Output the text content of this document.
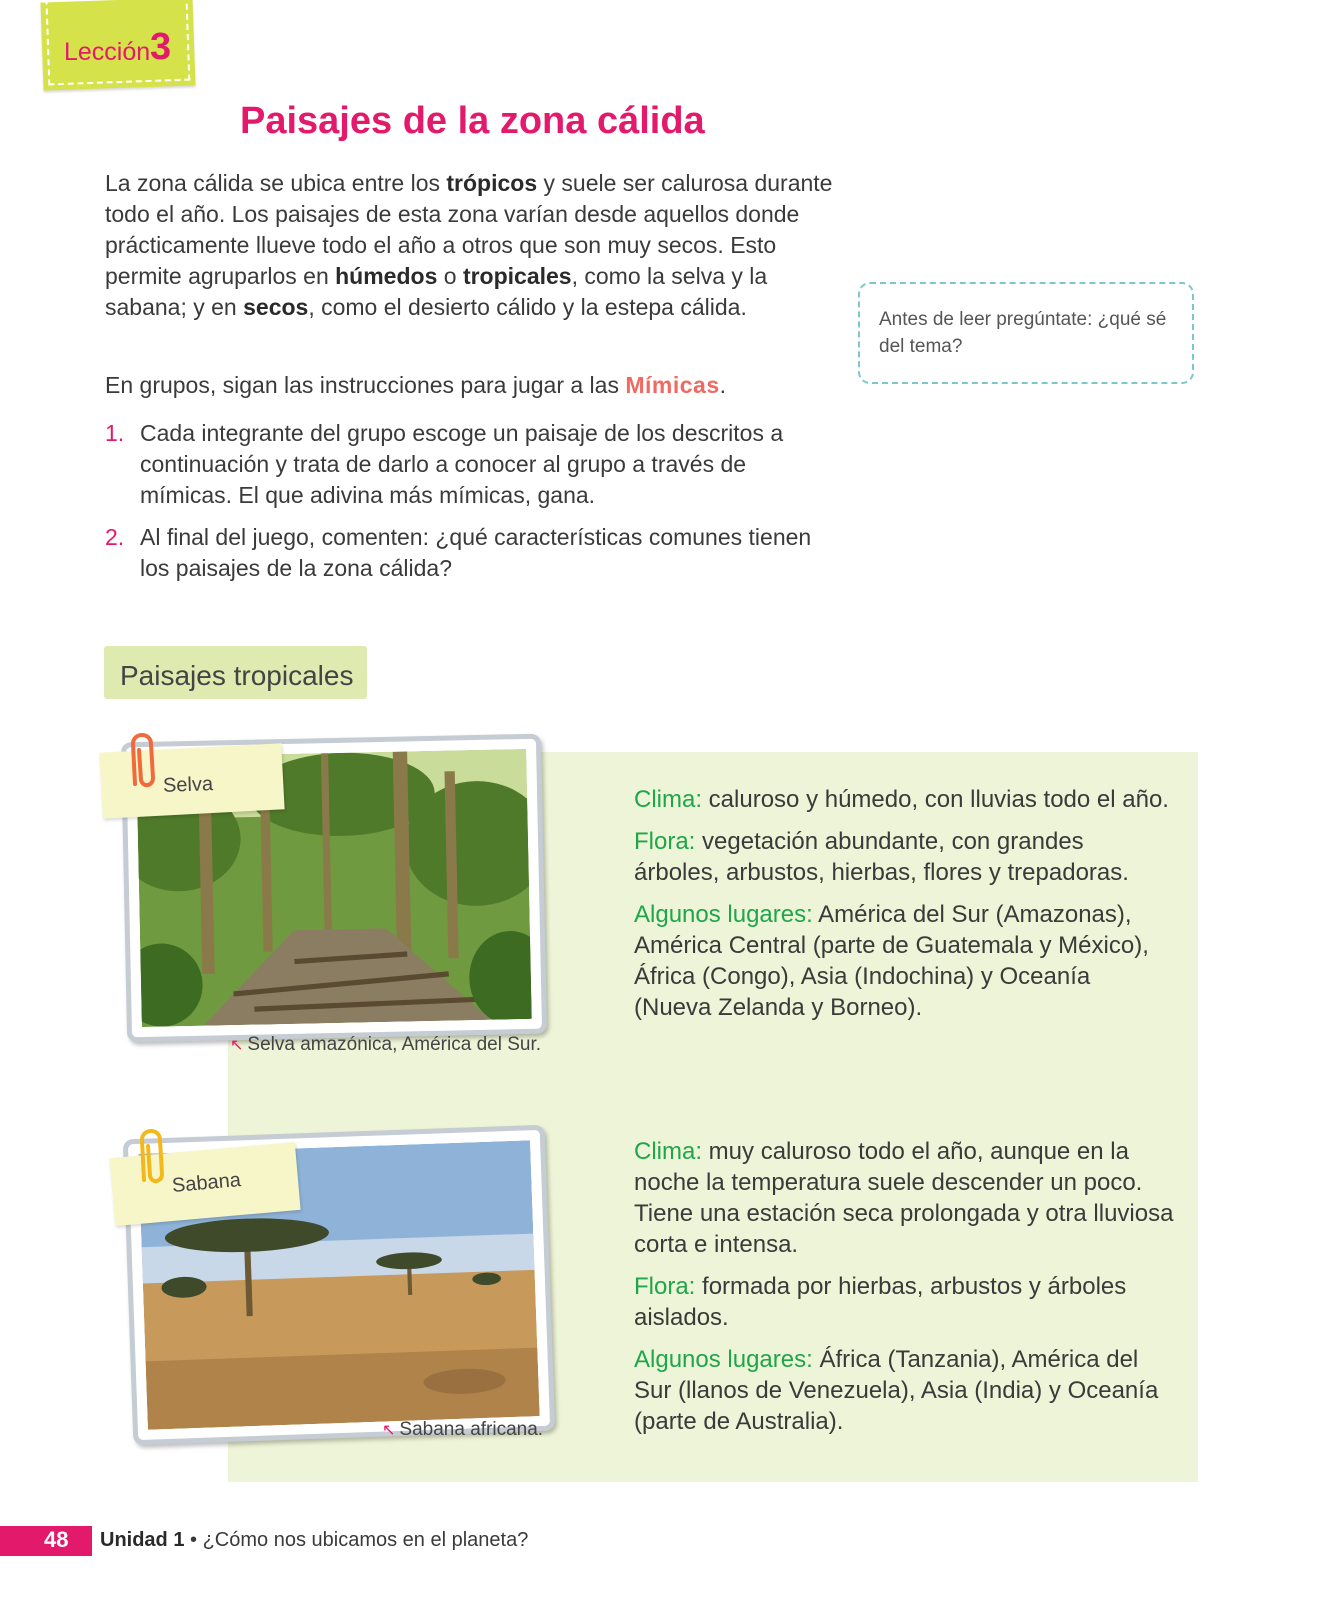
Lección 3
Paisajes de la zona cálida
La zona cálida se ubica entre los trópicos y suele ser calurosa durante todo el año. Los paisajes de esta zona varían desde aquellos donde prácticamente llueve todo el año a otros que son muy secos. Esto permite agruparlos en húmedos o tropicales, como la selva y la sabana; y en secos, como el desierto cálido y la estepa cálida.	Antes de leer pregúntate: ¿qué sé del tema?
En grupos, sigan las instrucciones para jugar a las Mímicas.
1. Cada integrante del grupo escoge un paisaje de los descritos a continuación y trata de darlo a conocer al grupo a través de mímicas. El que adivina más mímicas, gana.
2. Al final del juego, comenten: ¿qué características comunes tienen los paisajes de la zona cálida?
Paisajes tropicales
Selva
Sabana
↖ Selva amazónica, América del Sur.
↖ Sabana africana.

Clima: caluroso y húmedo, con lluvias todo el año.

Flora: vegetación abundante, con grandes árboles, arbustos, hierbas, flores y trepadoras.

Algunos lugares: América del Sur (Amazonas), América Central (parte de Guatemala y México), África (Congo), Asia (Indochina) y Oceanía (Nueva Zelanda y Borneo).

Clima: muy caluroso todo el año, aunque en la noche la temperatura suele descender un poco. Tiene una estación seca prolongada y otra lluviosa corta e intensa.

Flora: formada por hierbas, arbustos y árboles aislados.

Algunos lugares: África (Tanzania), América del Sur (llanos de Venezuela), Asia (India) y Oceanía (parte de Australia).

48 Unidad 1 • ¿Cómo nos ubicamos en el planeta?
